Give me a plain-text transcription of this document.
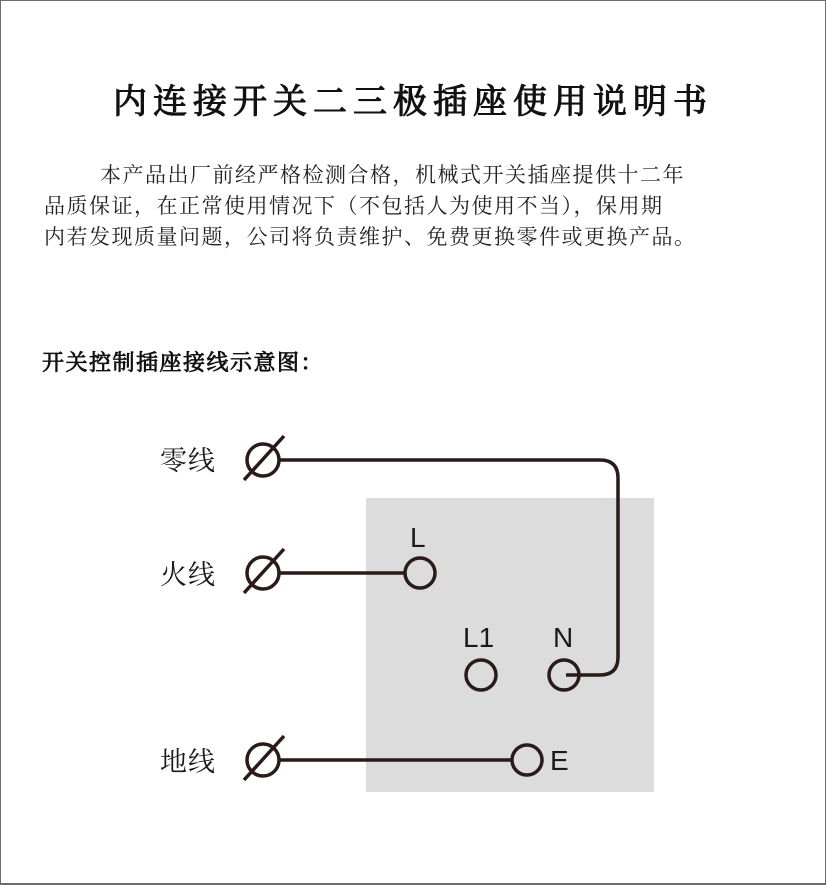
内连接开关二三极插座使用说明书
本产品出厂前经严格检测合格，机械式开关插座提供十二年
品质保证，在正常使用情况下（不包括人为使用不当），保用期
内若发现质量问题，公司将负责维护、免费更换零件或更换产品。
开关控制插座接线示意图：
零线
火线
地线
L
L1 N
E
